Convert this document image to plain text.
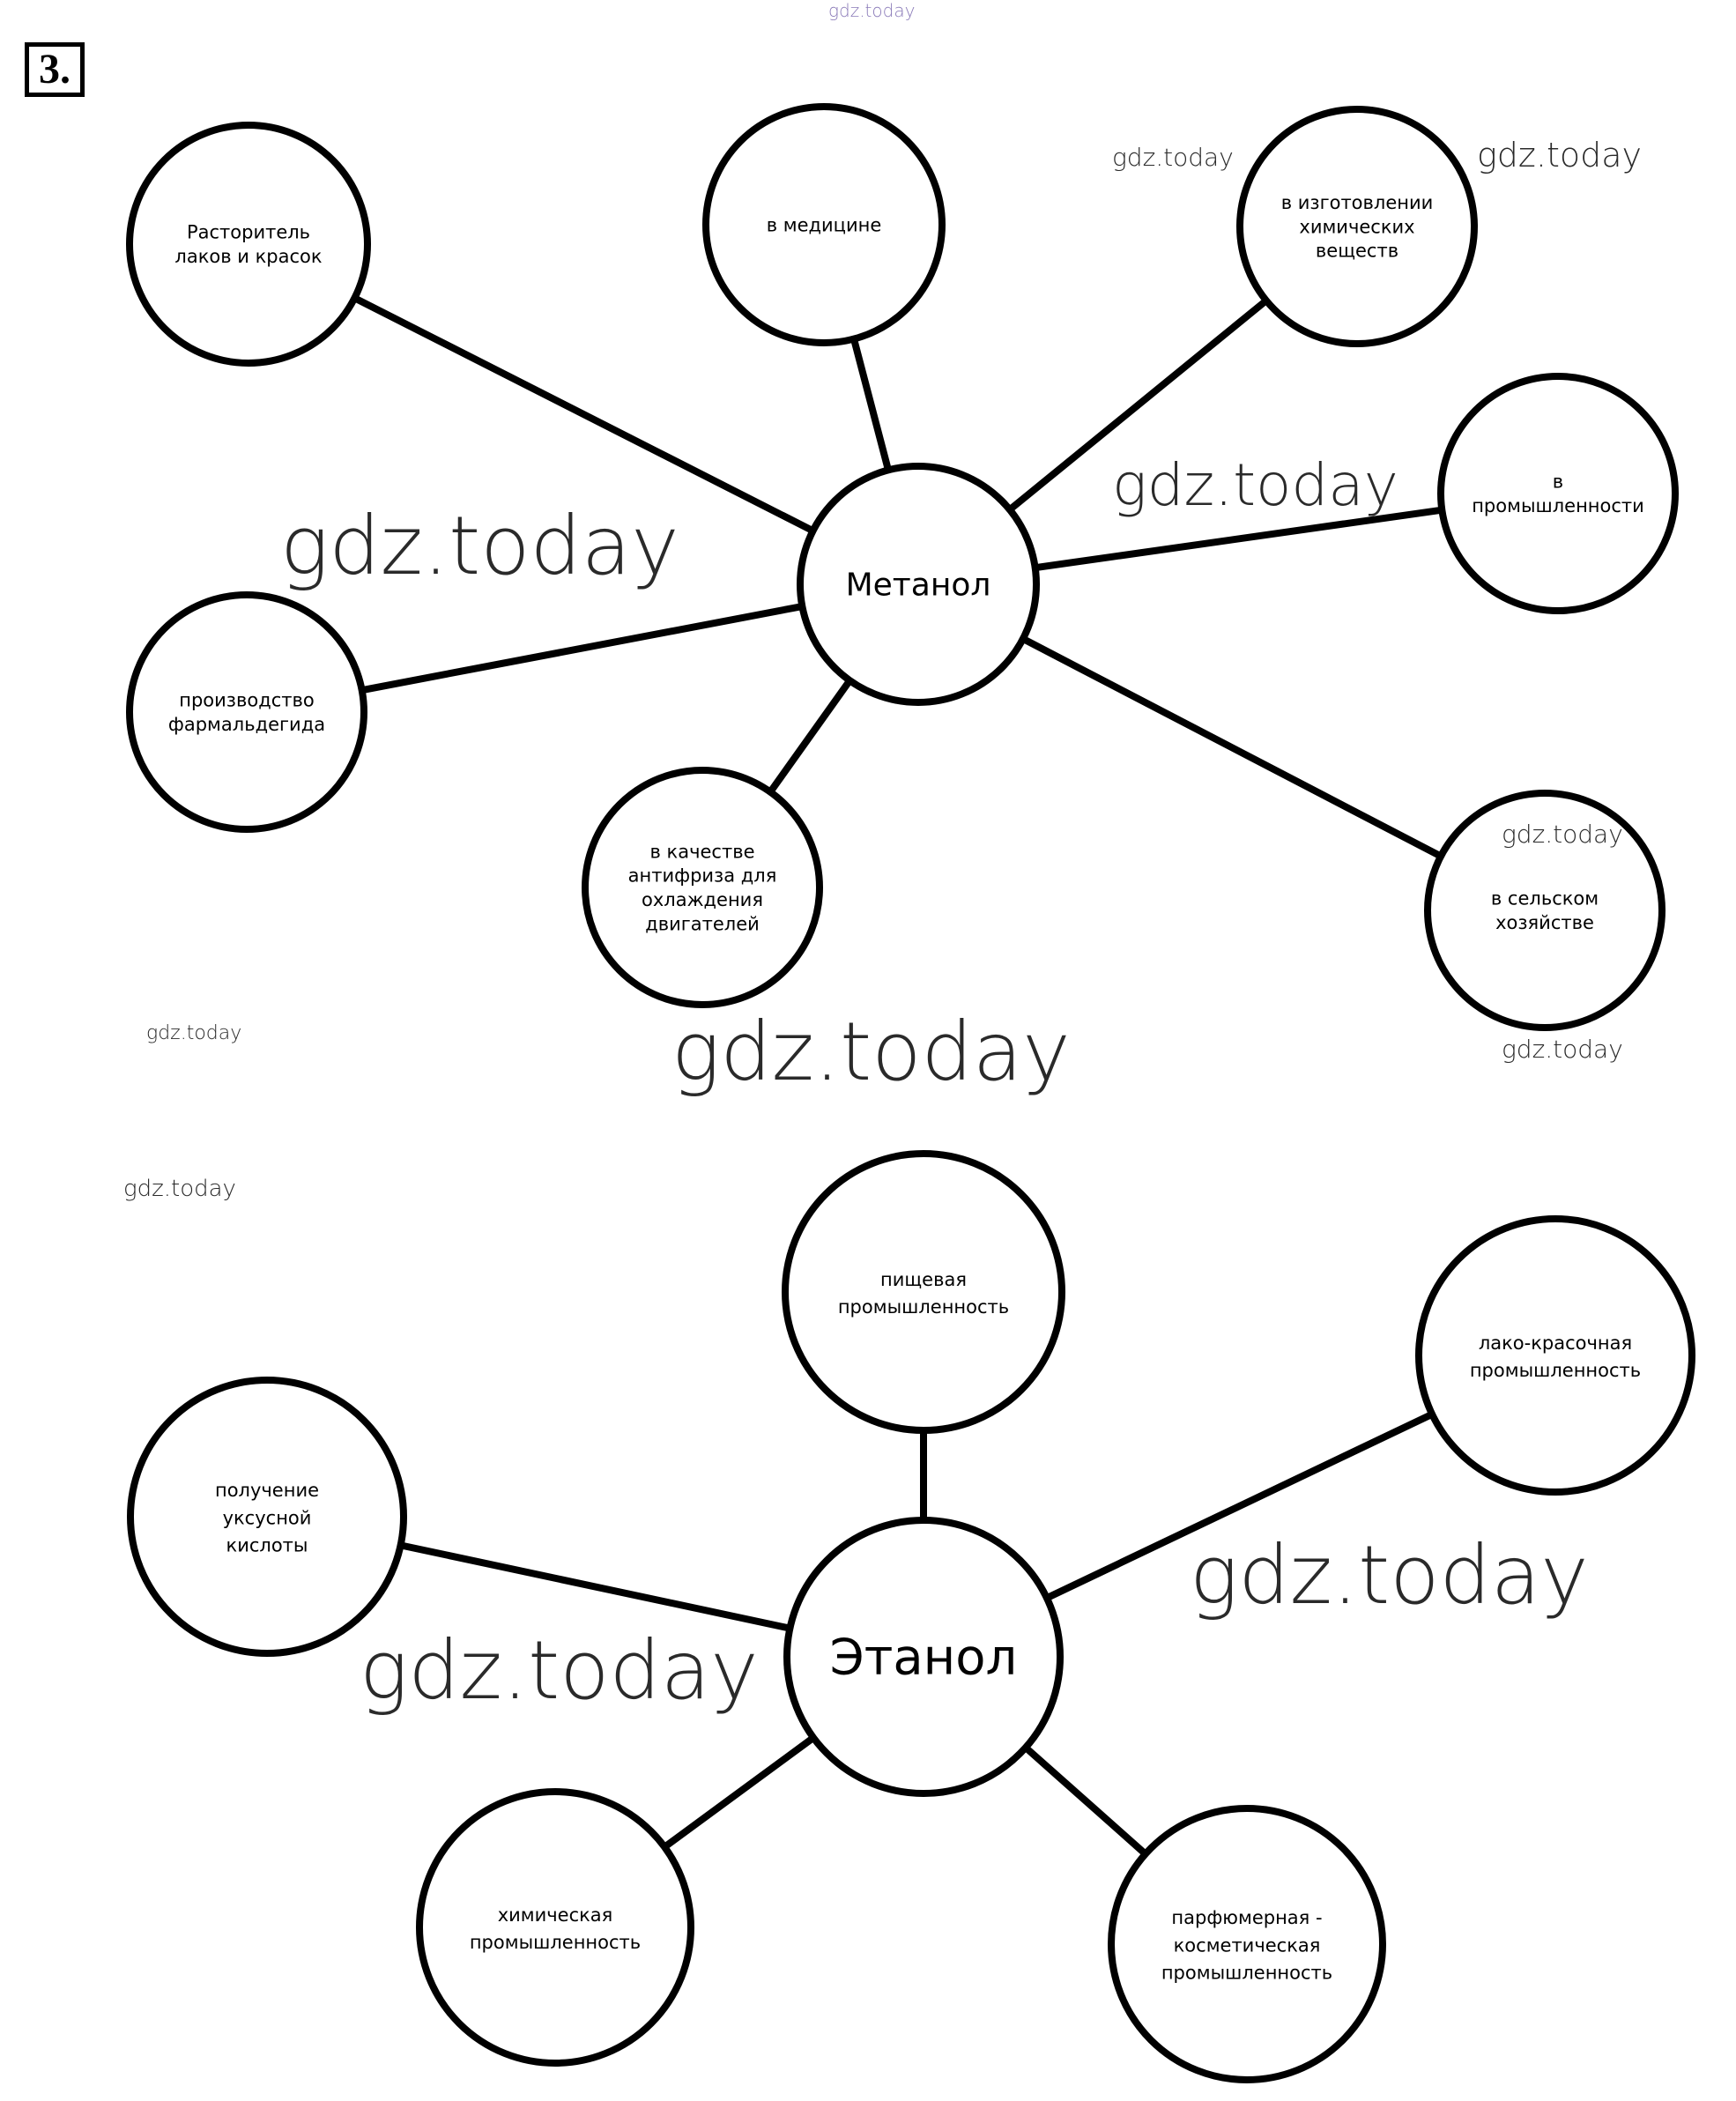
3.
Метанол
Расторитель
лаков и красок
в медицине
в изготовлении
химических
веществ
в
промышленности
производство
фармальдегида
в качестве
антифриза для
охлаждения
двигателей
в сельском
хозяйстве
Этанол
пищевая
промышленность
лако-красочная
промышленность
получение
уксусной
кислоты
химическая
промышленность
парфюмерная -
косметическая
промышленность
gdz.today
gdz.today	gdz.today
gdz.today
gdz.today
gdz.today
gdz.today	gdz.today	gdz.today
gdz.today
gdz.today
gdz.today
